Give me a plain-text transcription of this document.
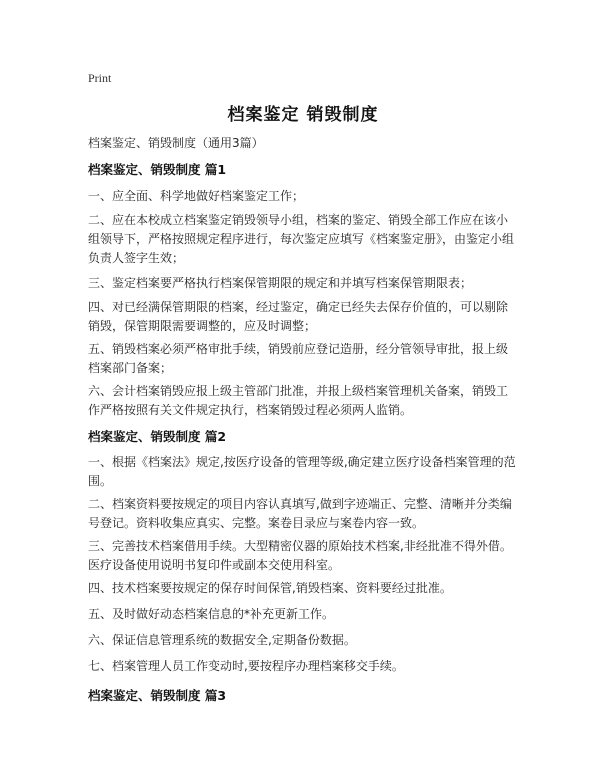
Print
档案鉴定 销毁制度
档案鉴定、销毁制度（通用3篇）
档案鉴定、销毁制度 篇1
一、应全面、科学地做好档案鉴定工作；
二、应在本校成立档案鉴定销毁领导小组，档案的鉴定、销毁全部工作应在该小组领导下，严格按照规定程序进行，每次鉴定应填写《档案鉴定册》，由鉴定小组负责人签字生效；
三、鉴定档案要严格执行档案保管期限的规定和并填写档案保管期限表；
四、对已经满保管期限的档案，经过鉴定，确定已经失去保存价值的，可以剔除销毁，保管期限需要调整的，应及时调整；
五、销毁档案必须严格审批手续，销毁前应登记造册，经分管领导审批，报上级档案部门备案；
六、会计档案销毁应报上级主管部门批准，并报上级档案管理机关备案，销毁工作严格按照有关文件规定执行，档案销毁过程必须两人监销。
档案鉴定、销毁制度 篇2
一、根据《档案法》规定,按医疗设备的管理等级,确定建立医疗设备档案管理的范围。
二、档案资料要按规定的项目内容认真填写,做到字迹端正、完整、清晰并分类编号登记。资料收集应真实、完整。案卷目录应与案卷内容一致。
三、完善技术档案借用手续。大型精密仪器的原始技术档案,非经批准不得外借。医疗设备使用说明书复印件或副本交使用科室。
四、技术档案要按规定的保存时间保管,销毁档案、资料要经过批准。
五、及时做好动态档案信息的*补充更新工作。
六、保证信息管理系统的数据安全,定期备份数据。
七、档案管理人员工作变动时,要按程序办理档案移交手续。
档案鉴定、销毁制度 篇3
